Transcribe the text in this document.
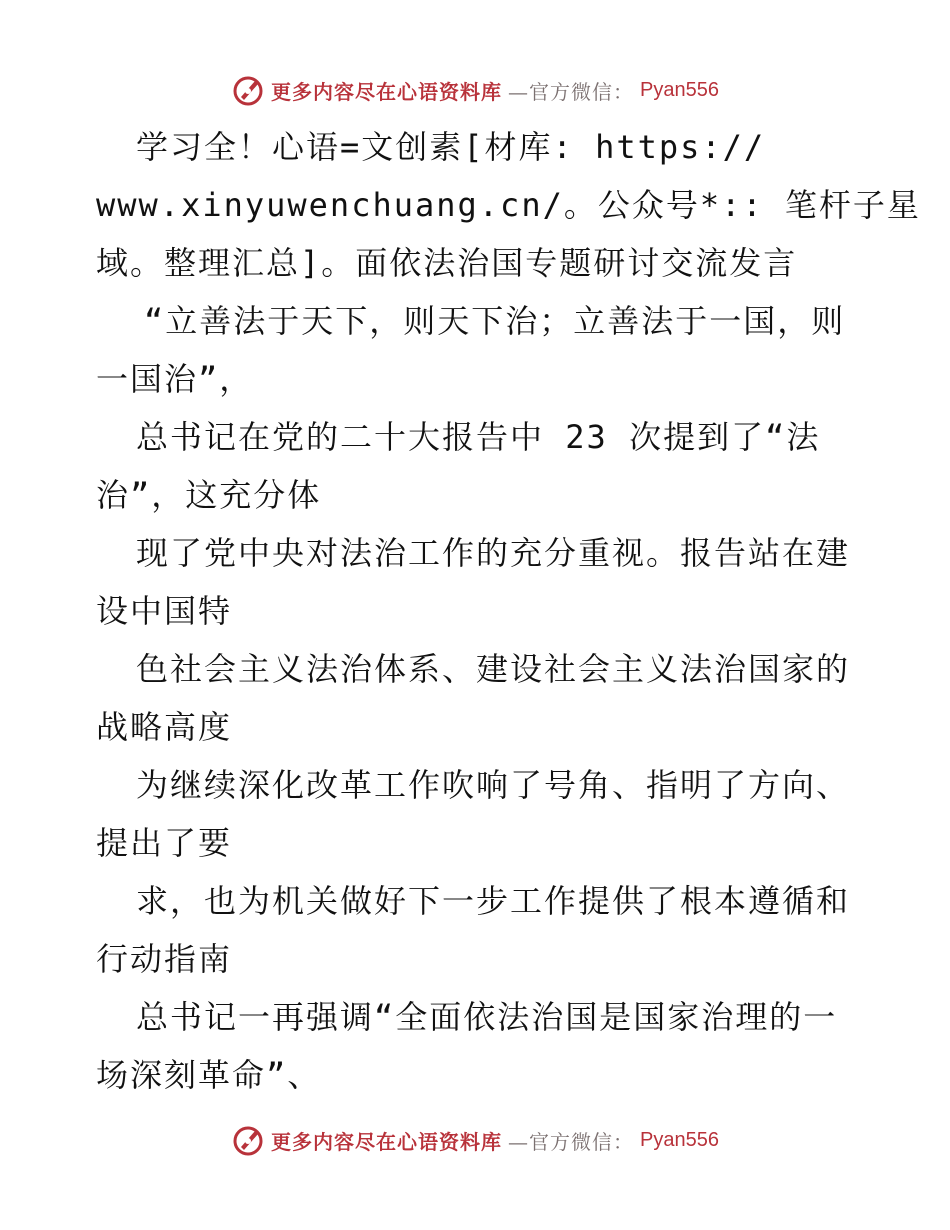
更多内容尽在心语资料库 —官方微信： Pyan556
学习全！心语=文创素[材库: https://
www.xinyuwenchuang.cn/。公众号*:: 笔杆子星
域。整理汇总]。面依法治国专题研讨交流发言
“立善法于天下，则天下治；立善法于一国，则
一国治”，
总书记在党的二十大报告中 23 次提到了“法
治”，这充分体
现了党中央对法治工作的充分重视。报告站在建
设中国特
色社会主义法治体系、建设社会主义法治国家的
战略高度
为继续深化改革工作吹响了号角、指明了方向、
提出了要
求，也为机关做好下一步工作提供了根本遵循和
行动指南
总书记一再强调“全面依法治国是国家治理的一
场深刻革命”、
更多内容尽在心语资料库 —官方微信： Pyan556
